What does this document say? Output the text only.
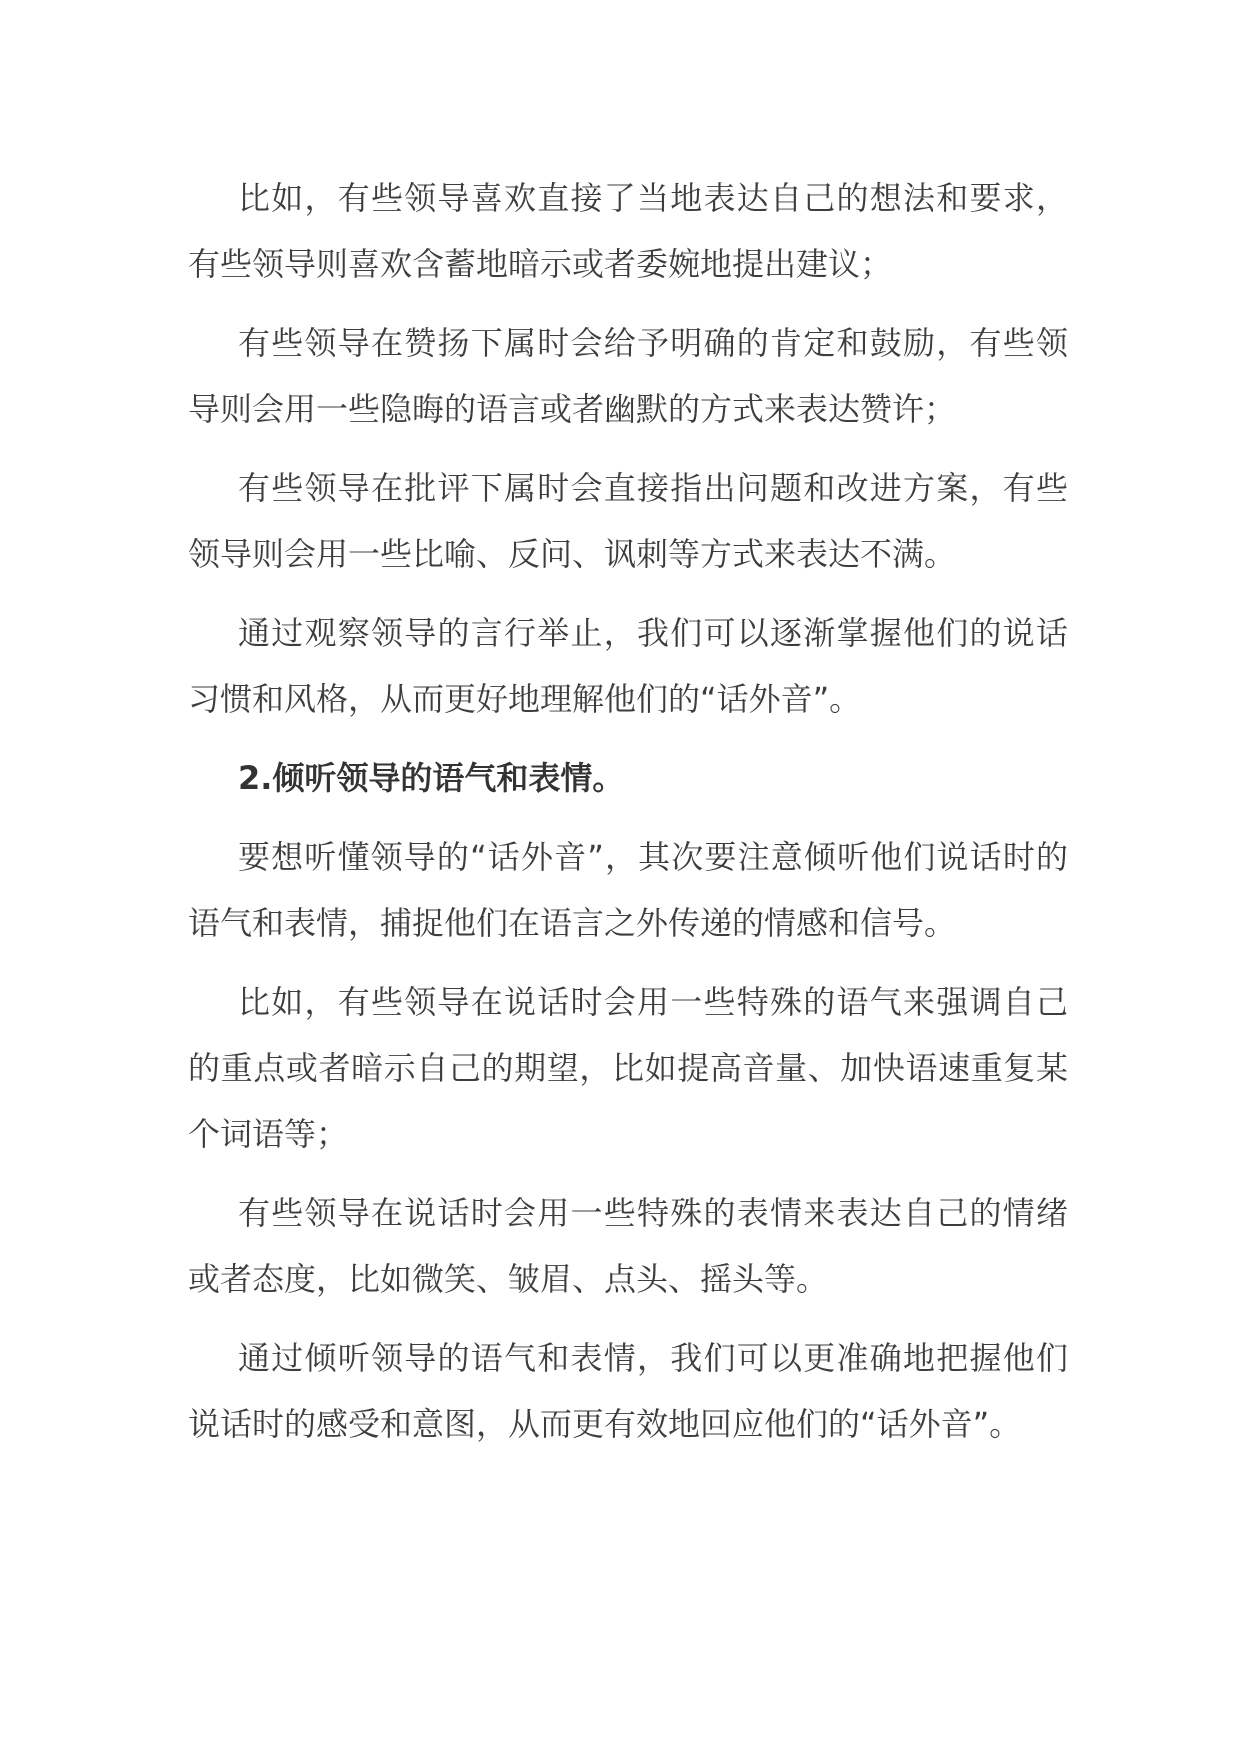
比如，有些领导喜欢直接了当地表达自己的想法和要求，有些领导则喜欢含蓄地暗示或者委婉地提出建议；

有些领导在赞扬下属时会给予明确的肯定和鼓励，有些领导则会用一些隐晦的语言或者幽默的方式来表达赞许；

有些领导在批评下属时会直接指出问题和改进方案，有些领导则会用一些比喻、反问、讽刺等方式来表达不满。

通过观察领导的言行举止，我们可以逐渐掌握他们的说话习惯和风格，从而更好地理解他们的“话外音”。

2.倾听领导的语气和表情。

要想听懂领导的“话外音”，其次要注意倾听他们说话时的语气和表情，捕捉他们在语言之外传递的情感和信号。

比如，有些领导在说话时会用一些特殊的语气来强调自己的重点或者暗示自己的期望，比如提高音量、加快语速重复某个词语等；

有些领导在说话时会用一些特殊的表情来表达自己的情绪或者态度，比如微笑、皱眉、点头、摇头等。

通过倾听领导的语气和表情，我们可以更准确地把握他们说话时的感受和意图，从而更有效地回应他们的“话外音”。
